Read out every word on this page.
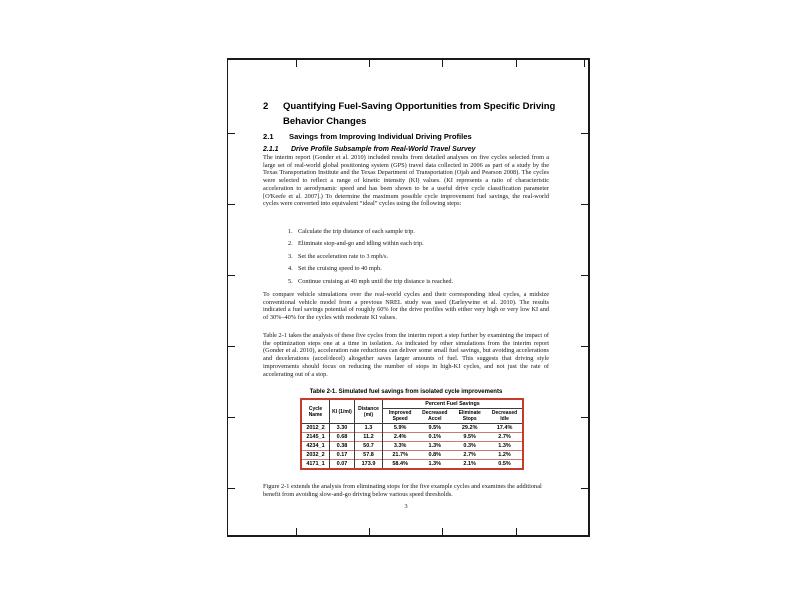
2	Quantifying Fuel-Saving Opportunities from Specific Driving
Behavior Changes
2.1	Savings from Improving Individual Driving Profiles
2.1.1	Drive Profile Subsample from Real-World Travel Survey
The interim report (Gonder et al. 2010) included results from detailed analyses on five cycles selected from a large set of real-world global positioning system (GPS) travel data collected in 2006 as part of a study by the Texas Transportation Institute and the Texas Department of Transportation (Ojah and Pearson 2008). The cycles were selected to reflect a range of kinetic intensity (KI) values. (KI represents a ratio of characteristic acceleration to aerodynamic speed and has been shown to be a useful drive cycle classification parameter [O'Keefe et al. 2007].) To determine the maximum possible cycle improvement fuel savings, the real-world cycles were converted into equivalent “ideal” cycles using the following steps:
1. Calculate the trip distance of each sample trip.
2. Eliminate stop-and-go and idling within each trip.
3. Set the acceleration rate to 3 mph/s.
4. Set the cruising speed to 40 mph.
5. Continue cruising at 40 mph until the trip distance is reached.
To compare vehicle simulations over the real-world cycles and their corresponding ideal cycles, a midsize conventional vehicle model from a previous NREL study was used (Earleywine et al. 2010). The results indicated a fuel savings potential of roughly 60% for the drive profiles with either very high or very low KI and of 30%–40% for the cycles with moderate KI values.
Table 2-1 takes the analysis of these five cycles from the interim report a step further by examining the impact of the optimization steps one at a time in isolation. As indicated by other simulations from the interim report (Gonder et al. 2010), acceleration rate reductions can deliver some small fuel savings, but avoiding accelerations and decelerations (accel/decel) altogether saves larger amounts of fuel. This suggests that driving style improvements should focus on reducing the number of stops in high-KI cycles, and not just the rate of accelerating out of a stop.
Table 2-1. Simulated fuel savings from isolated cycle improvements
Cycle Name	KI (1/mi)	Distance (mi)	Percent Fuel Savings			
			Improved Speed	Decreased Accel	Eliminate Stops	Decreased Idle
2012_2	3.30	1.3	5.9%	9.5%	29.2%	17.4%
2145_1	0.68	11.2	2.4%	0.1%	9.5%	2.7%
4234_1	0.38	50.7	3.3%	1.3%	0.3%	1.3%
2032_2	0.17	57.8	21.7%	0.8%	2.7%	1.2%
4171_1	0.07	173.9	58.4%	1.3%	2.1%	0.5%
Figure 2-1 extends the analysis from eliminating stops for the five example cycles and examines the additional benefit from avoiding slow-and-go driving below various speed thresholds.
3
